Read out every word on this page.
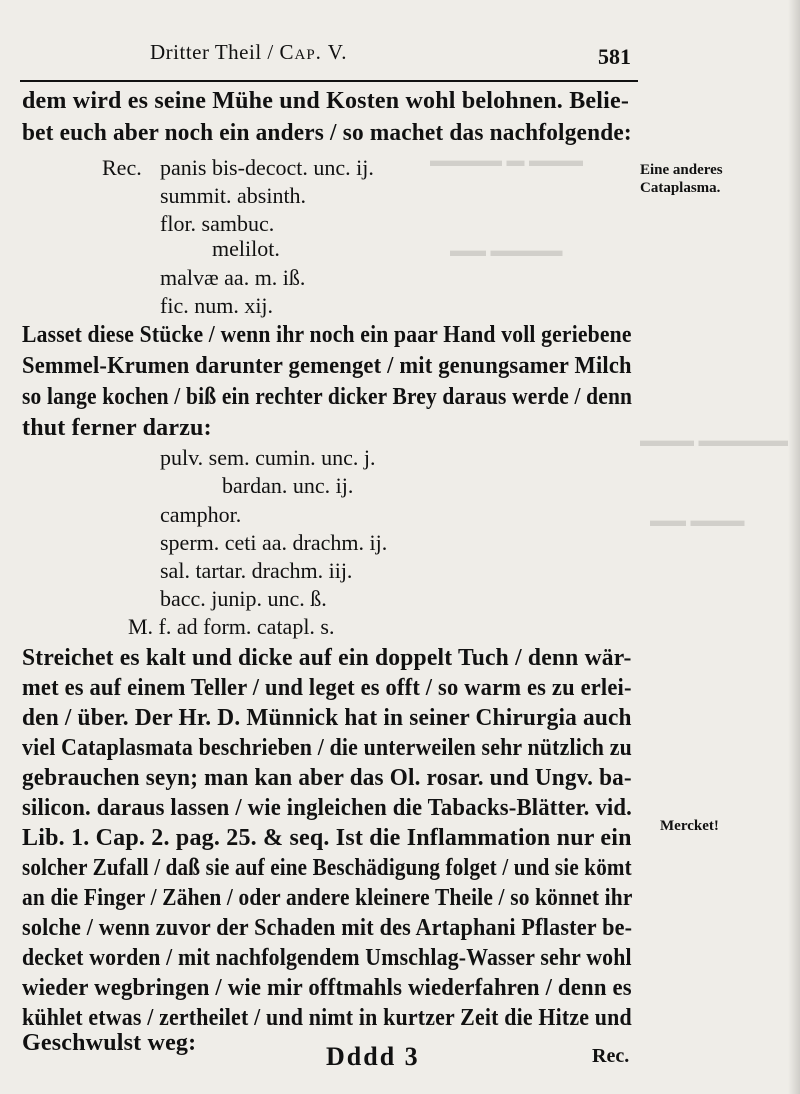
▬▬▬ ▬ ▬▬▬▬
▬▬▬▬ ▬▬
▬▬▬▬▬ ▬▬▬
▬▬▬ ▬▬
Dritter Theil / Cap. V.	581
dem wird es seine Mühe und Kosten wohl belohnen. Belie-
bet euch aber noch ein anders / so machet das nachfolgende:
Rec. panis bis-decoct. unc. ij.
summit. absinth.
flor. sambuc.
melilot.
malvæ aa. m. iß.
fic. num. xij.
Lasset diese Stücke / wenn ihr noch ein paar Hand voll geriebene
Semmel-Krumen darunter gemenget / mit genungsamer Milch
so lange kochen / biß ein rechter dicker Brey daraus werde / denn
thut ferner darzu:
pulv. sem. cumin. unc. j.
bardan. unc. ij.
camphor.
sperm. ceti aa. drachm. ij.
sal. tartar. drachm. iij.
bacc. junip. unc. ß.
M. f. ad form. catapl. s.
Streichet es kalt und dicke auf ein doppelt Tuch / denn wär-
met es auf einem Teller / und leget es offt / so warm es zu erlei-
den / über. Der Hr. D. Münnick hat in seiner Chirurgia auch
viel Cataplasmata beschrieben / die unterweilen sehr nützlich zu
gebrauchen seyn; man kan aber das Ol. rosar. und Ungv. ba-
silicon. daraus lassen / wie ingleichen die Tabacks-Blätter. vid.
Lib. 1. Cap. 2. pag. 25. & seq. Ist die Inflammation nur ein
solcher Zufall / daß sie auf eine Beschädigung folget / und sie kömt
an die Finger / Zähen / oder andere kleinere Theile / so könnet ihr
solche / wenn zuvor der Schaden mit des Artaphani Pflaster be-
decket worden / mit nachfolgendem Umschlag-Wasser sehr wohl
wieder wegbringen / wie mir offtmahls wiederfahren / denn es
kühlet etwas / zertheilet / und nimt in kurtzer Zeit die Hitze und
Geschwulst weg:
Eine anderes
Cataplasma.
Mercket!
Dddd 3	Rec.
